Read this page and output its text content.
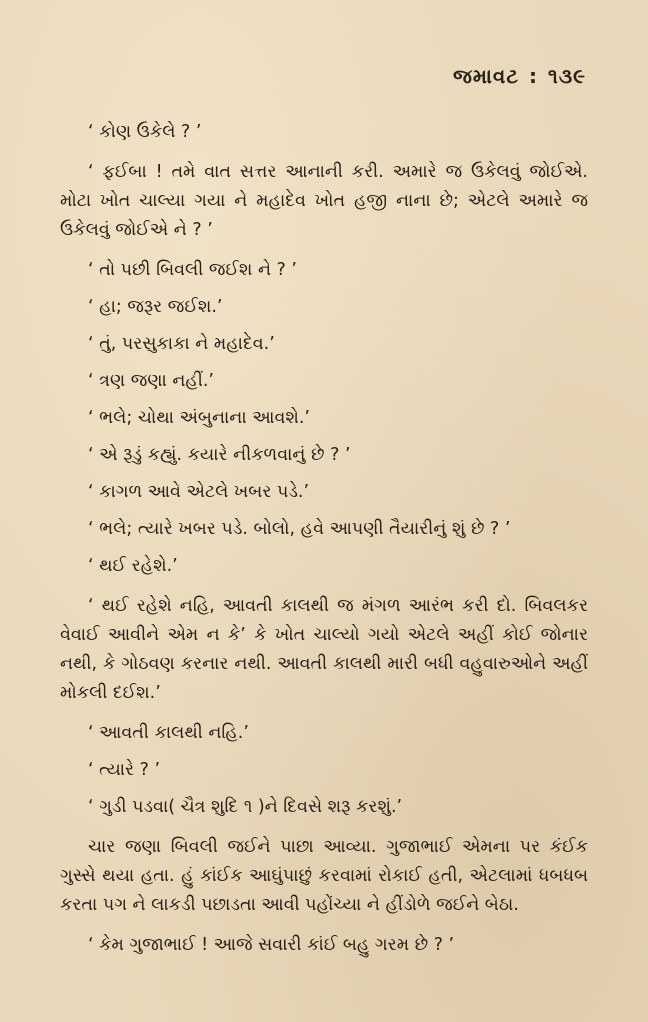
જમાવટ : ૧૩૯

‘ કોણ ઉકેલે ? ’

‘ ફઈબા ! તમે વાત સત્તર આનાની કરી. અમારે જ ઉકેલવું જોઈએ. મોટા ખોત ચાલ્યા ગયા ને મહાદેવ ખોત હજી નાના છે; એટલે અમારે જ ઉકેલવું જોઈએ ને ? ’

‘ તો પછી બિવલી જઈશ ને ? ’

‘ હા; જરૂર જઈશ.’

‘ તું, પરસુકાકા ને મહાદેવ.’

‘ ત્રણ જણા નહીં.’

‘ ભલે; ચોથા અંબુનાના આવશે.’

‘ એ રૂડું કહ્યું. કયારે નીકળવાનું છે ? ’

‘ કાગળ આવે એટલે ખબર પડે.’

‘ ભલે; ત્યારે ખબર પડે. બોલો, હવે આપણી તૈયારીનું શું છે ? ’

‘ થઈ રહેશે.’

‘ થઈ રહેશે નહિ, આવતી કાલથી જ મંગળ આરંભ કરી દો. બિવલકર વેવાઈ આવીને એમ ન કે’ કે ખોત ચાલ્યો ગયો એટલે અહીં કોઈ જોનાર નથી, કે ગોઠવણ કરનાર નથી. આવતી કાલથી મારી બધી વહુવારુઓને અહીં મોકલી દઈશ.’

‘ આવતી કાલથી નહિ.’

‘ ત્યારે ? ’

‘ ગુડી પડવા( ચૈત્ર શુદિ ૧ )ને દિવસે શરૂ કરશું.’

ચાર જણા બિવલી જઈને પાછા આવ્યા. ગુજાભાઈ એમના પર કંઈક ગુસ્સે થયા હતા. હું કાંઈક આઘુંપાછું કરવામાં રોકાઈ હતી, એટલામાં ધબધબ કરતા પગ ને લાકડી પછાડતા આવી પહોંચ્યા ને હીંડોળે જઈને બેઠા.

‘ કેમ ગુજાભાઈ ! આજે સવારી કાંઈ બહુ ગરમ છે ? ’
